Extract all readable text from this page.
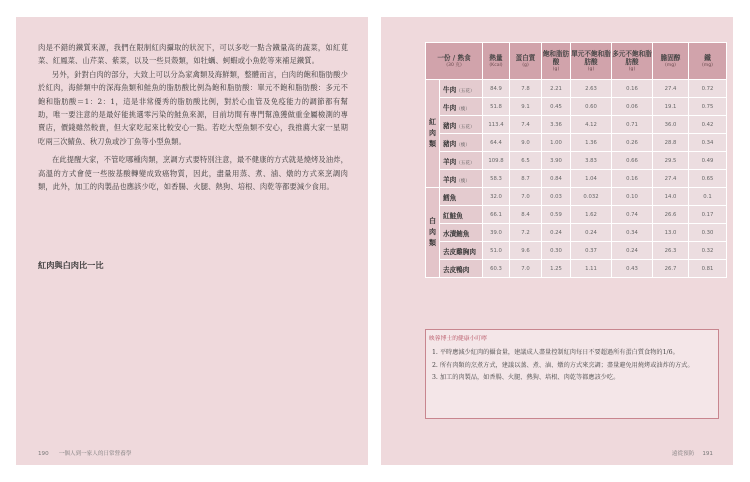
肉是不錯的鐵質來源，我們在限制紅肉攝取的狀況下，可以多吃一點含鐵量高的蔬菜，如紅莧菜、紅鳳菜、山芹菜、紫菜，以及一些貝殼類，如牡蠣、蚵蝦或小魚乾等來補足鐵質。

另外，針對白肉的部分，大致上可以分為家禽類及海鮮類，整體而言，白肉的飽和脂肪酸少於紅肉，海鮮類中的深海魚類和鮭魚的脂肪酸比例為飽和脂肪酸：單元不飽和脂肪酸：多元不飽和脂肪酸＝1：2：1，這是非常優秀的脂肪酸比例，對於心血管及免疫能力的調節都有幫助，唯一要注意的是最好能挑選零污染的鮭魚來源，目前坊間有專門幫漁獲做重金屬檢測的專賣店，價錢雖然較貴，但大家吃起來比較安心一點。若吃大型魚類不安心，我推薦大家一星期吃兩三次鯖魚、秋刀魚或沙丁魚等小型魚類。

在此提醒大家，不管吃哪種肉類，烹調方式要特別注意，最不健康的方式就是燒烤及油炸，高溫的方式會使一些胺基酸轉變成致癌物質，因此，盡量用蒸、煮、滷、燉的方式來烹調肉類，此外，加工的肉製品也應該少吃，如香腸、火腿、熱狗、培根、肉乾等都要減少食用。

紅肉與白肉比一比
190 一個人到一家人的日常營養學
一份 / 熟食
(30 克)		熱量
(Kcal)	蛋白質
(g)	飽和脂肪酸
(g)	單元不飽和脂肪酸
(g)	多元不飽和脂肪酸
(g)	膽固醇
(mg)	鐵
(mg)

紅
肉
類	牛肉（五花）	84.9	7.8	2.21	2.63	0.16	27.4	0.72
	牛肉（瘦）	51.8	9.1	0.45	0.60	0.06	19.1	0.75
	豬肉（五花）	113.4	7.4	3.36	4.12	0.71	36.0	0.42
	豬肉（瘦）	64.4	9.0	1.00	1.36	0.26	28.8	0.34
	羊肉（五花）	109.8	6.5	3.90	3.83	0.66	29.5	0.49
	羊肉（瘦）	58.3	8.7	0.84	1.04	0.16	27.4	0.65

白
肉
類	鱈魚	32.0	7.0	0.03	0.032	0.10	14.0	0.1
	紅鮭魚	66.1	8.4	0.59	1.62	0.74	26.6	0.17
	水漬鮪魚	39.0	7.2	0.24	0.24	0.34	13.0	0.30
	去皮雞胸肉	51.0	9.6	0.30	0.37	0.24	26.3	0.32
	去皮鴨肉	60.3	7.0	1.25	1.11	0.43	26.7	0.81
映蓉博士的健康小叮嚀

1. 平時應減少紅肉的攝食量，建議成人盡量控制紅肉每日不要超過所有蛋白質食物的1/6。

2. 所有肉類的烹煮方式，建議以蒸、煮、滷、燉的方式來烹調；盡量避免用燒烤或油炸的方式。

3. 加工的肉製品，如香腸、火腿、熱狗、培根、肉乾等都應該少吃。

遠從預防 191
